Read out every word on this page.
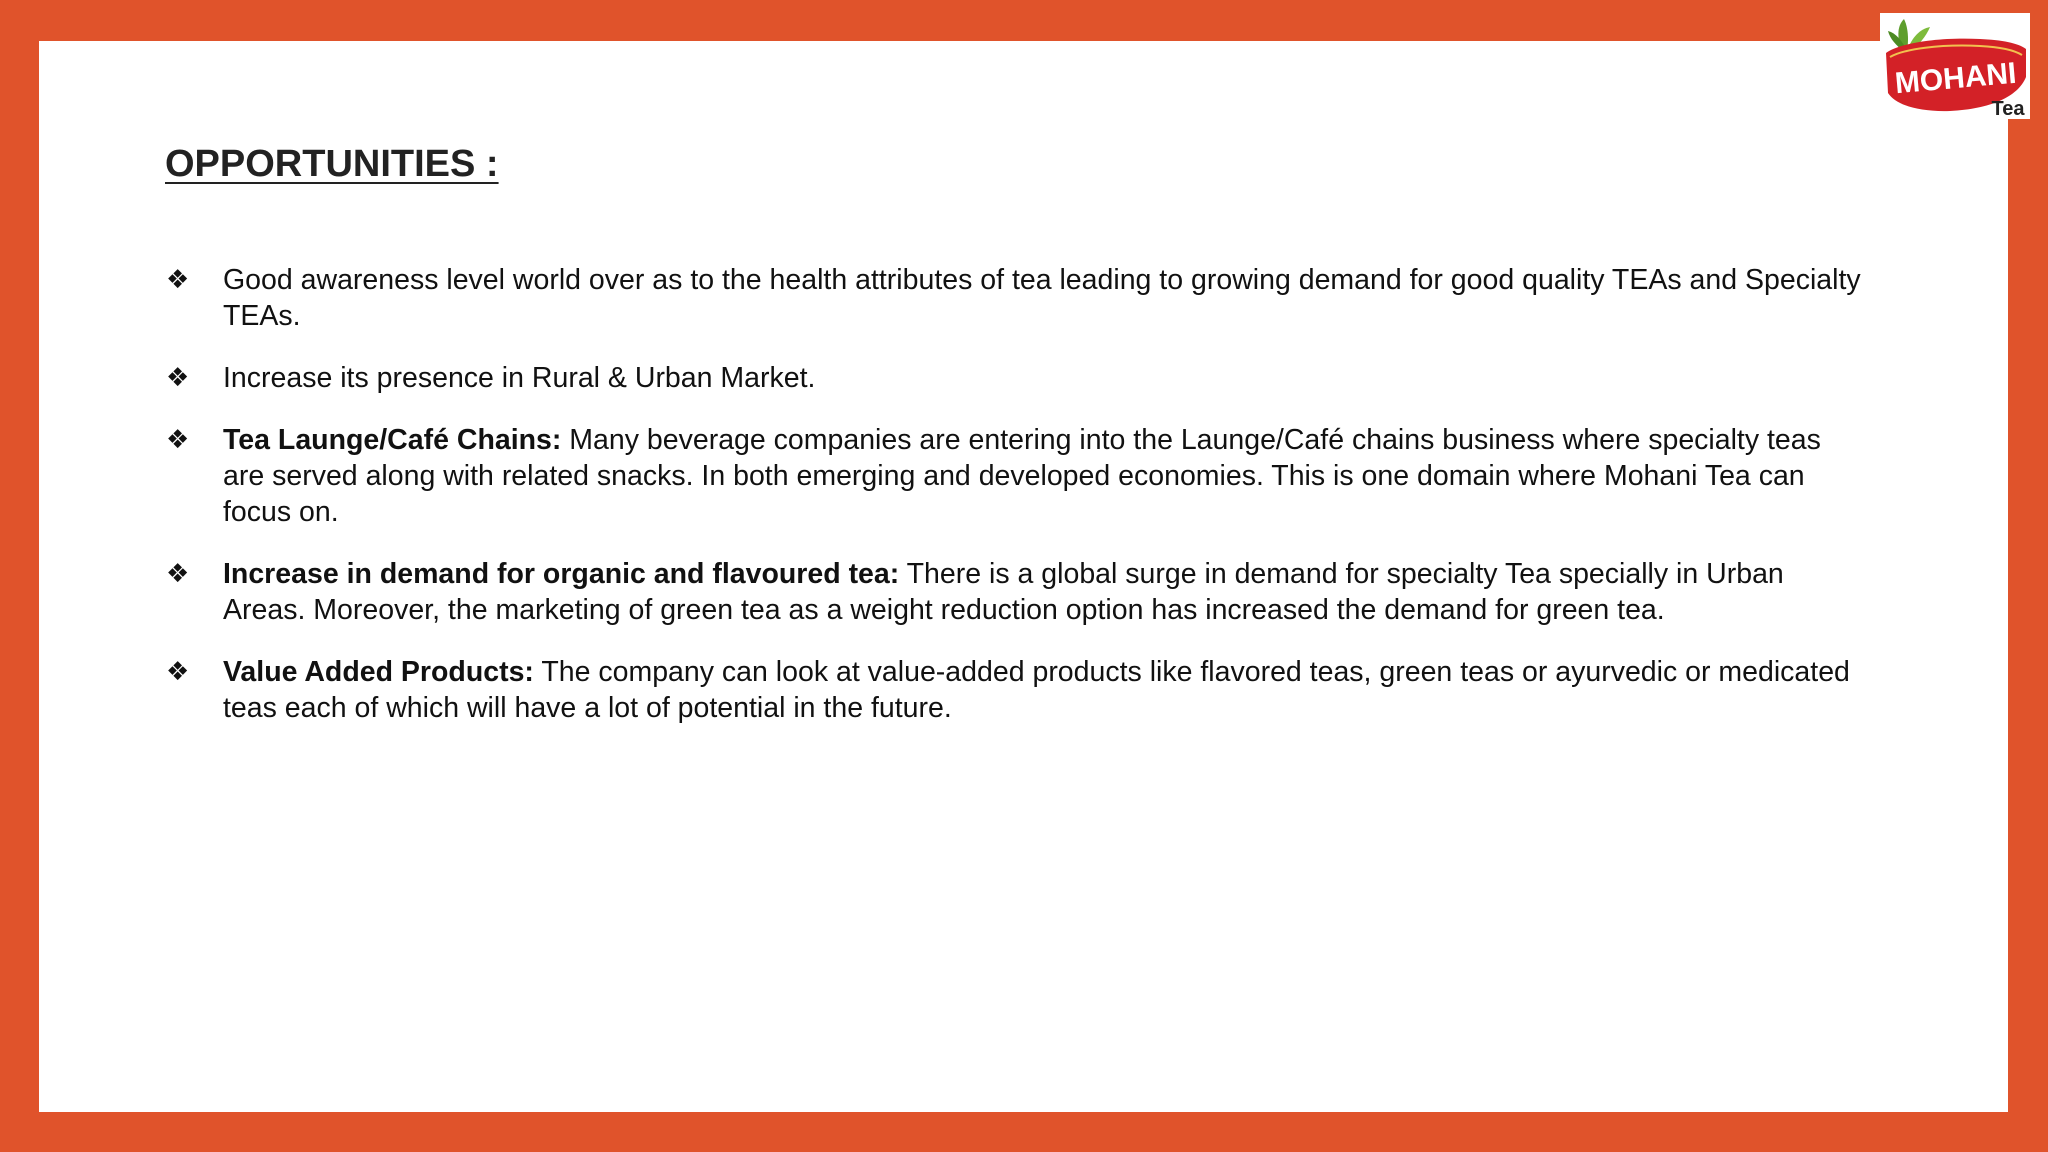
MOHANI
Tea
OPPORTUNITIES :
❖ Good awareness level world over as to the health attributes of tea leading to growing demand for good quality TEAs and Specialty TEAs.
❖ Increase its presence in Rural & Urban Market.
❖ Tea Launge/Café Chains: Many beverage companies are entering into the Launge/Café chains business where specialty teas are served along with related snacks. In both emerging and developed economies. This is one domain where Mohani Tea can focus on.
❖ Increase in demand for organic and flavoured tea: There is a global surge in demand for specialty Tea specially in Urban Areas. Moreover, the marketing of green tea as a weight reduction option has increased the demand for green tea.
❖ Value Added Products: The company can look at value-added products like flavored teas, green teas or ayurvedic or medicated teas each of which will have a lot of potential in the future.
